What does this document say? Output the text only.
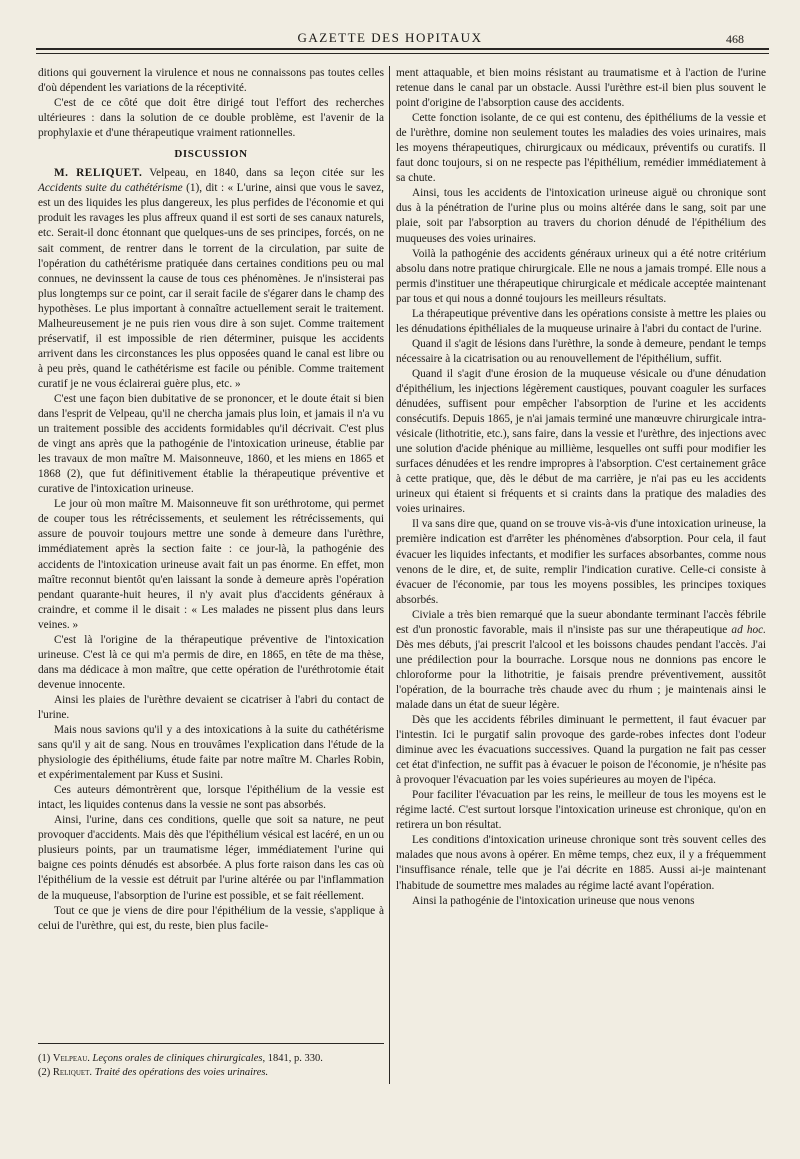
GAZETTE DES HOPITAUX	468

ditions qui gouvernent la virulence et nous ne connaissons pas toutes celles d'où dépendent les variations de la réceptivité.

C'est de ce côté que doit être dirigé tout l'effort des recherches ultérieures : dans la solution de ce double problème, est l'avenir de la prophylaxie et d'une thérapeutique vraiment rationnelles.

DISCUSSION

M. RELIQUET. Velpeau, en 1840, dans sa leçon citée sur les Accidents suite du cathétérisme (1), dit : « L'urine, ainsi que vous le savez, est un des liquides les plus dangereux, les plus perfides de l'économie et qui produit les ravages les plus affreux quand il est sorti de ses canaux naturels, etc. Serait-il donc étonnant que quelques-uns de ses principes, forcés, on ne sait comment, de rentrer dans le torrent de la circulation, par suite de l'opération du cathétérisme pratiquée dans certaines conditions peu ou mal connues, ne devinssent la cause de tous ces phénomènes. Je n'insisterai pas plus longtemps sur ce point, car il serait facile de s'égarer dans le champ des hypothèses. Le plus important à connaître actuellement serait le traitement. Malheureusement je ne puis rien vous dire à son sujet. Comme traitement préservatif, il est impossible de rien déterminer, puisque les accidents arrivent dans les circonstances les plus opposées quand le canal est libre ou à peu près, quand le cathétérisme est facile ou pénible. Comme traitement curatif je ne vous éclairerai guère plus, etc. »

C'est une façon bien dubitative de se prononcer, et le doute était si bien dans l'esprit de Velpeau, qu'il ne chercha jamais plus loin, et jamais il n'a vu un traitement possible des accidents formidables qu'il décrivait. C'est plus de vingt ans après que la pathogénie de l'intoxication urineuse, établie par les travaux de mon maître M. Maisonneuve, 1860, et les miens en 1865 et 1868 (2), que fut définitivement établie la thérapeutique préventive et curative de l'intoxication urineuse.

Le jour où mon maître M. Maisonneuve fit son uréthrotome, qui permet de couper tous les rétrécissements, et seulement les rétrécissements, qui assure de pouvoir toujours mettre une sonde à demeure dans l'urèthre, immédiatement après la section faite : ce jour-là, la pathogénie des accidents de l'intoxication urineuse avait fait un pas énorme. En effet, mon maître reconnut bientôt qu'en laissant la sonde à demeure après l'opération pendant quarante-huit heures, il n'y avait plus d'accidents généraux à craindre, et comme il le disait : « Les malades ne pissent plus dans leurs veines. »

C'est là l'origine de la thérapeutique préventive de l'intoxication urineuse. C'est là ce qui m'a permis de dire, en 1865, en tête de ma thèse, dans ma dédicace à mon maître, que cette opération de l'uréthrotomie était devenue innocente.

Ainsi les plaies de l'urèthre devaient se cicatriser à l'abri du contact de l'urine.

Mais nous savions qu'il y a des intoxications à la suite du cathétérisme sans qu'il y ait de sang. Nous en trouvâmes l'explication dans l'étude de la physiologie des épithéliums, étude faite par notre maître M. Charles Robin, et expérimentalement par Kuss et Susini.

Ces auteurs démontrèrent que, lorsque l'épithélium de la vessie est intact, les liquides contenus dans la vessie ne sont pas absorbés.

Ainsi, l'urine, dans ces conditions, quelle que soit sa nature, ne peut provoquer d'accidents. Mais dès que l'épithélium vésical est lacéré, en un ou plusieurs points, par un traumatisme léger, immédiatement l'urine qui baigne ces points dénudés est absorbée. A plus forte raison dans les cas où l'épithélium de la vessie est détruit par l'urine altérée ou par l'inflammation de la muqueuse, l'absorption de l'urine est possible, et se fait réellement.

Tout ce que je viens de dire pour l'épithélium de la vessie, s'applique à celui de l'urèthre, qui est, du reste, bien plus facile-

(1) Velpeau. Leçons orales de cliniques chirurgicales, 1841, p. 330.

(2) Reliquet. Traité des opérations des voies urinaires.

ment attaquable, et bien moins résistant au traumatisme et à l'action de l'urine retenue dans le canal par un obstacle. Aussi l'urèthre est-il bien plus souvent le point d'origine de l'absorption cause des accidents.

Cette fonction isolante, de ce qui est contenu, des épithéliums de la vessie et de l'urèthre, domine non seulement toutes les maladies des voies urinaires, mais les moyens thérapeutiques, chirurgicaux ou médicaux, préventifs ou curatifs. Il faut donc toujours, si on ne respecte pas l'épithélium, remédier immédiatement à sa chute.

Ainsi, tous les accidents de l'intoxication urineuse aiguë ou chronique sont dus à la pénétration de l'urine plus ou moins altérée dans le sang, soit par une plaie, soit par l'absorption au travers du chorion dénudé de l'épithélium des muqueuses des voies urinaires.

Voilà la pathogénie des accidents généraux urineux qui a été notre critérium absolu dans notre pratique chirurgicale. Elle ne nous a jamais trompé. Elle nous a permis d'instituer une thérapeutique chirurgicale et médicale acceptée maintenant par tous et qui nous a donné toujours les meilleurs résultats.

La thérapeutique préventive dans les opérations consiste à mettre les plaies ou les dénudations épithéliales de la muqueuse urinaire à l'abri du contact de l'urine.

Quand il s'agit de lésions dans l'urèthre, la sonde à demeure, pendant le temps nécessaire à la cicatrisation ou au renouvellement de l'épithélium, suffit.

Quand il s'agit d'une érosion de la muqueuse vésicale ou d'une dénudation d'épithélium, les injections légèrement caustiques, pouvant coaguler les surfaces dénudées, suffisent pour empêcher l'absorption de l'urine et les accidents consécutifs. Depuis 1865, je n'ai jamais terminé une manœuvre chirurgicale intra-vésicale (lithotritie, etc.), sans faire, dans la vessie et l'urèthre, des injections avec une solution d'acide phénique au millième, lesquelles ont suffi pour modifier les surfaces dénudées et les rendre impropres à l'absorption. C'est certainement grâce à cette pratique, que, dès le début de ma carrière, je n'ai pas eu les accidents urineux qui étaient si fréquents et si craints dans la pratique des maladies des voies urinaires.

Il va sans dire que, quand on se trouve vis-à-vis d'une intoxication urineuse, la première indication est d'arrêter les phénomènes d'absorption. Pour cela, il faut évacuer les liquides infectants, et modifier les surfaces absorbantes, comme nous venons de le dire, et, de suite, remplir l'indication curative. Celle-ci consiste à évacuer de l'économie, par tous les moyens possibles, les principes toxiques absorbés.

Civiale a très bien remarqué que la sueur abondante terminant l'accès fébrile est d'un pronostic favorable, mais il n'insiste pas sur une thérapeutique ad hoc. Dès mes débuts, j'ai prescrit l'alcool et les boissons chaudes pendant l'accès. J'ai une prédilection pour la bourrache. Lorsque nous ne donnions pas encore le chloroforme pour la lithotritie, je faisais prendre préventivement, aussitôt l'opération, de la bourrache très chaude avec du rhum ; je maintenais ainsi le malade dans un état de sueur légère.

Dès que les accidents fébriles diminuant le permettent, il faut évacuer par l'intestin. Ici le purgatif salin provoque des garde-robes infectes dont l'odeur diminue avec les évacuations successives. Quand la purgation ne fait pas cesser cet état d'infection, ne suffit pas à évacuer le poison de l'économie, je n'hésite pas à provoquer l'évacuation par les voies supérieures au moyen de l'ipéca.

Pour faciliter l'évacuation par les reins, le meilleur de tous les moyens est le régime lacté. C'est surtout lorsque l'intoxication urineuse est chronique, qu'on en retirera un bon résultat.

Les conditions d'intoxication urineuse chronique sont très souvent celles des malades que nous avons à opérer. En même temps, chez eux, il y a fréquemment l'insuffisance rénale, telle que je l'ai décrite en 1885. Aussi ai-je maintenant l'habitude de soumettre mes malades au régime lacté avant l'opération.

Ainsi la pathogénie de l'intoxication urineuse que nous venons
